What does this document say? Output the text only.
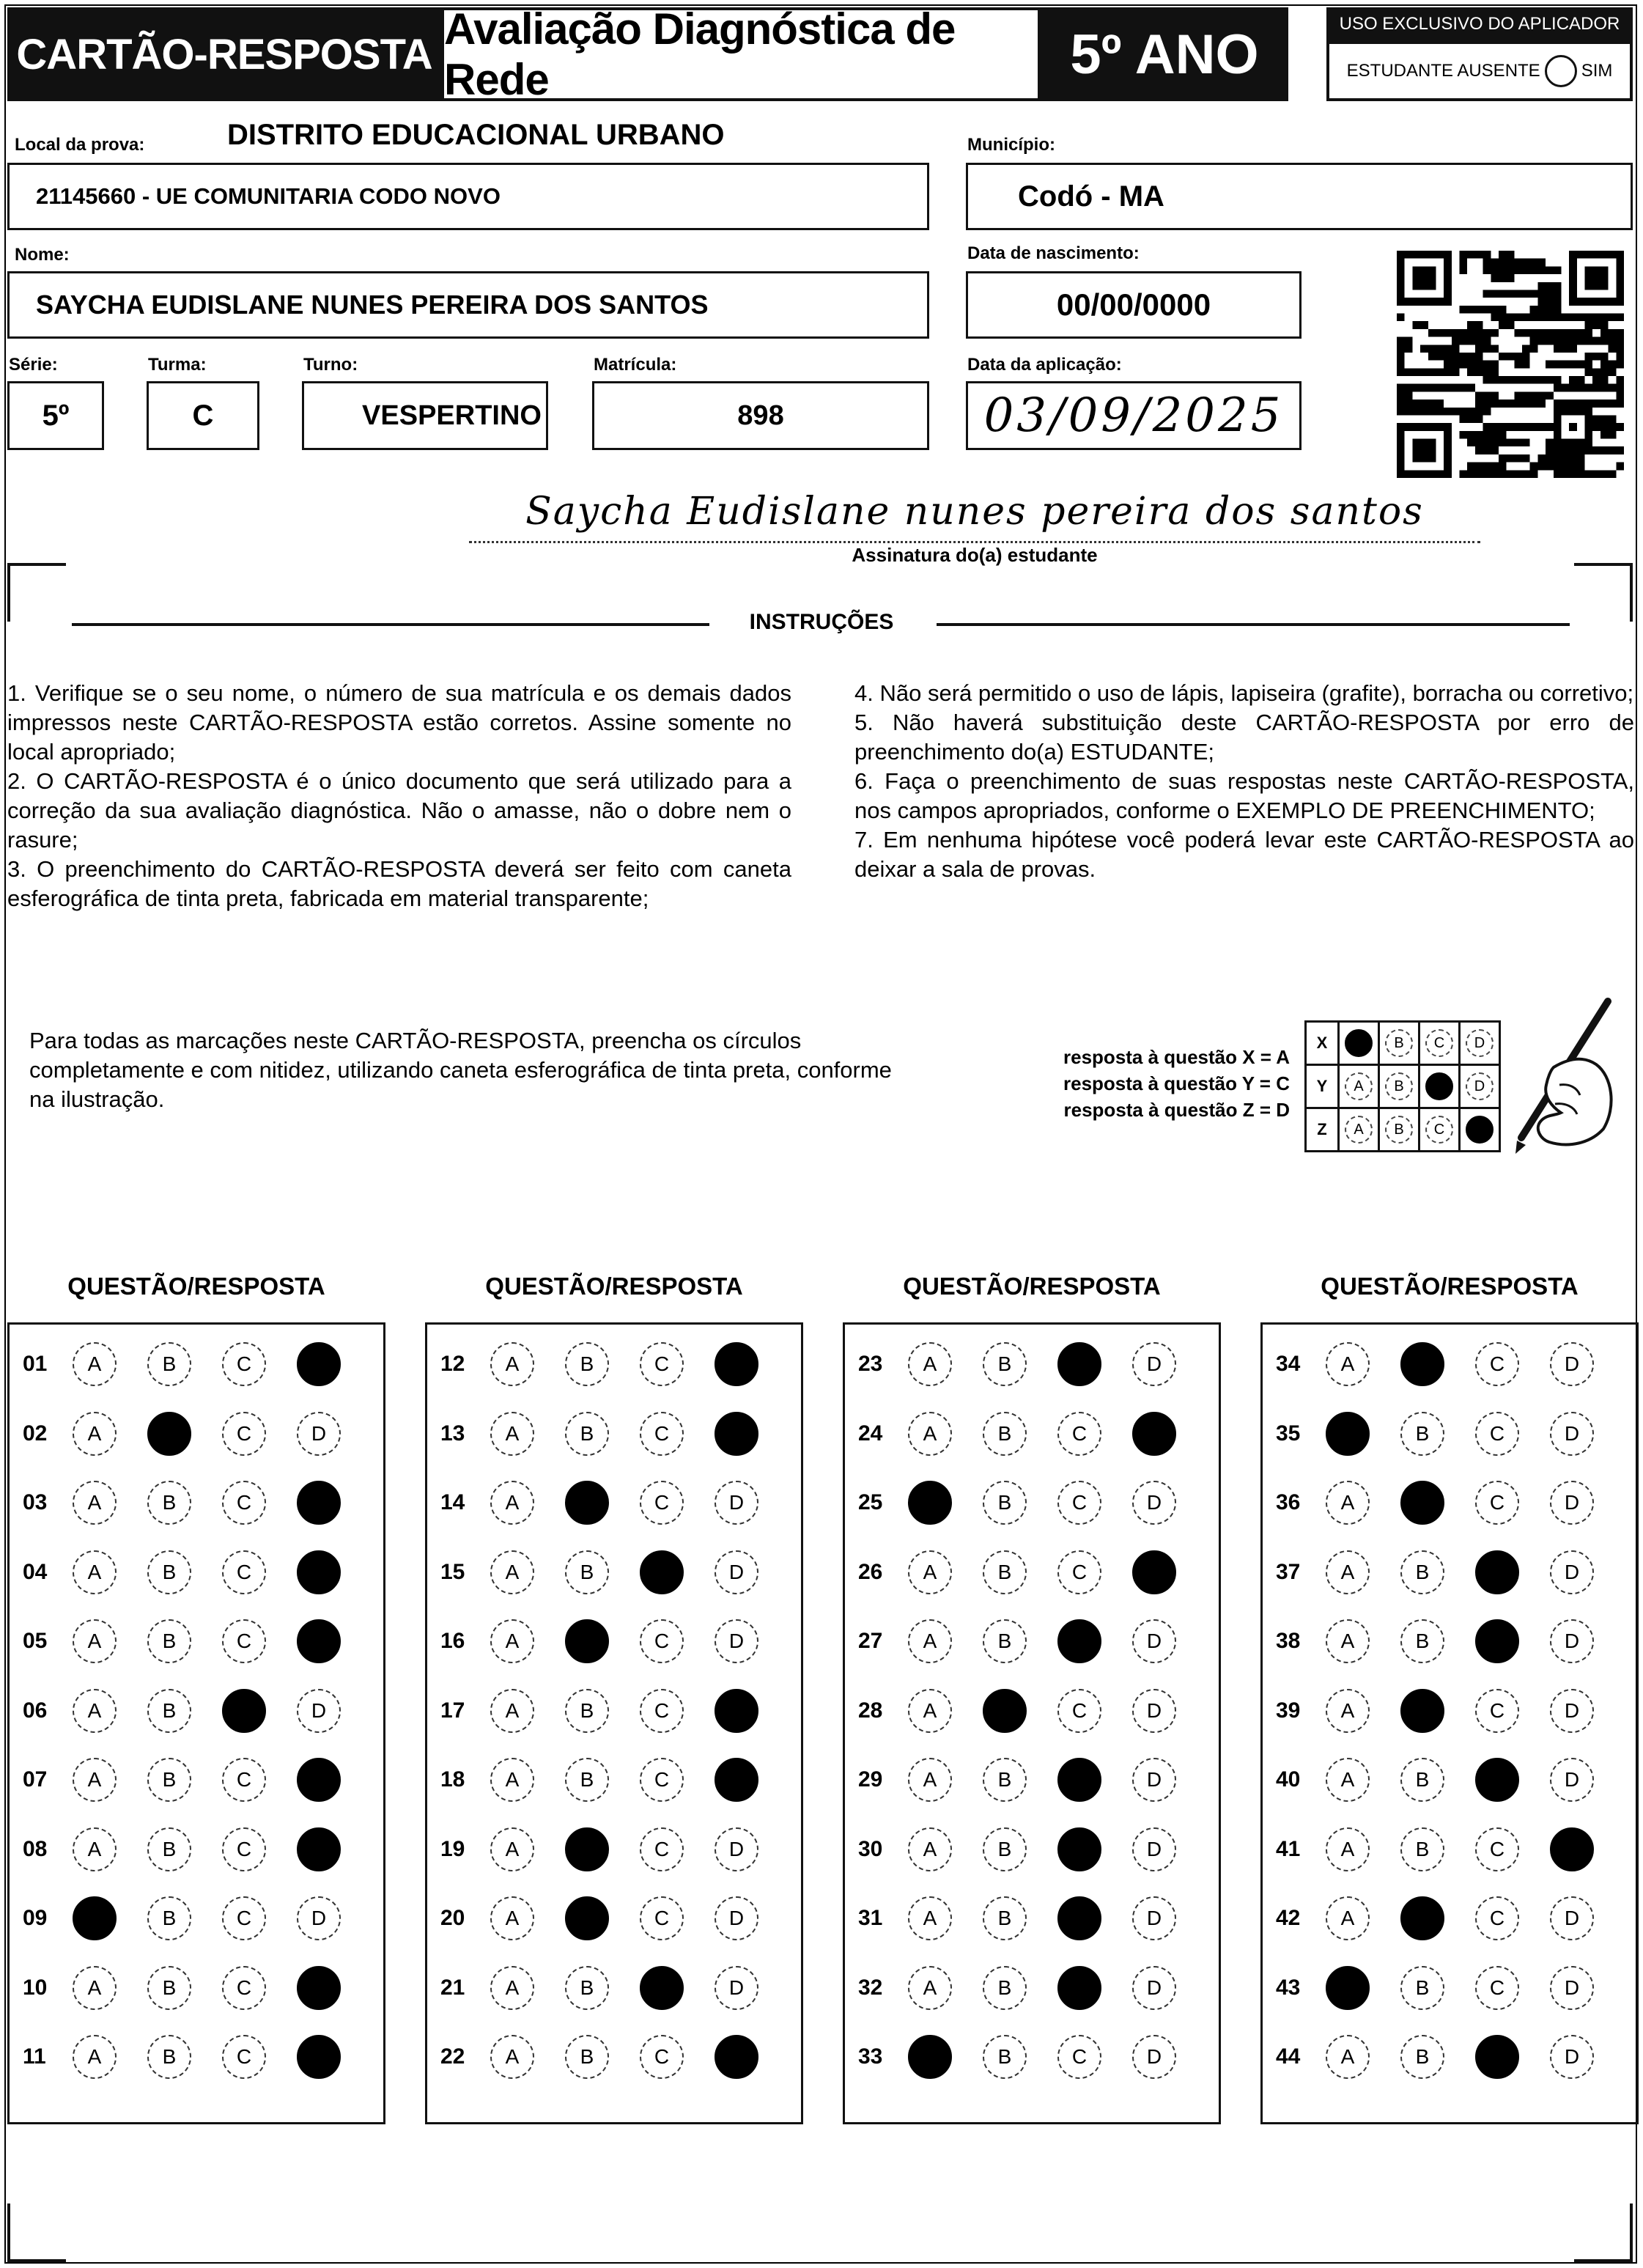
CARTÃO-RESPOSTA
Avaliação Diagnóstica de Rede	5º ANO	USO EXCLUSIVO DO APLICADOR
ESTUDANTE AUSENTE SIM
Local da prova:	DISTRITO EDUCACIONAL URBANO
21145660 - UE COMUNITARIA CODO NOVO
Município:
Codó - MA
Nome:
SAYCHA EUDISLANE NUNES PEREIRA DOS SANTOS
Data de nascimento:
00/00/0000
Série:
5º
Turma:
C
Turno:
VESPERTINO
Matrícula:
898
Data da aplicação:
03/09/2025
Saycha Eudislane nunes pereira dos santos
Assinatura do(a) estudante
INSTRUÇÕES

1. Verifique se o seu nome, o número de sua matrícula e os demais dados impressos neste CARTÃO-RESPOSTA estão corretos. Assine somente no local apropriado;

2. O CARTÃO-RESPOSTA é o único documento que será utilizado para a correção da sua avaliação diagnóstica. Não o amasse, não o dobre nem o rasure;

3. O preenchimento do CARTÃO-RESPOSTA deverá ser feito com caneta esferográfica de tinta preta, fabricada em material transparente;

4. Não será permitido o uso de lápis, lapiseira (grafite), borracha ou corretivo;

5. Não haverá substituição deste CARTÃO-RESPOSTA por erro de preenchimento do(a) ESTUDANTE;

6. Faça o preenchimento de suas respostas neste CARTÃO-RESPOSTA, nos campos apropriados, conforme o EXEMPLO DE PREENCHIMENTO;

7. Em nenhuma hipótese você poderá levar este CARTÃO-RESPOSTA ao deixar a sala de provas.

Para todas as marcações neste CARTÃO-RESPOSTA, preencha os círculos completamente e com nitidez, utilizando caneta esferográfica de tinta preta, conforme na ilustração.
resposta à questão X = A
resposta à questão Y = C
resposta à questão Z = D
X	A	B	C	D
Y	A	B	C	D
Z	A	B	C	D
QUESTÃO/RESPOSTA	QUESTÃO/RESPOSTA	QUESTÃO/RESPOSTA	QUESTÃO/RESPOSTA
01	A	B	C	D
02	A	B	C	D
03	A	B	C	D
04	A	B	C	D
05	A	B	C	D
06	A	B	C	D
07	A	B	C	D
08	A	B	C	D
09	A	B	C	D
10	A	B	C	D
11	A	B	C	D
12	A	B	C	D
13	A	B	C	D
14	A	B	C	D
15	A	B	C	D
16	A	B	C	D
17	A	B	C	D
18	A	B	C	D
19	A	B	C	D
20	A	B	C	D
21	A	B	C	D
22	A	B	C	D
23	A	B	C	D
24	A	B	C	D
25	A	B	C	D
26	A	B	C	D
27	A	B	C	D
28	A	B	C	D
29	A	B	C	D
30	A	B	C	D
31	A	B	C	D
32	A	B	C	D
33	A	B	C	D
34	A	B	C	D
35	A	B	C	D
36	A	B	C	D
37	A	B	C	D
38	A	B	C	D
39	A	B	C	D
40	A	B	C	D
41	A	B	C	D
42	A	B	C	D
43	A	B	C	D
44	A	B	C	D
